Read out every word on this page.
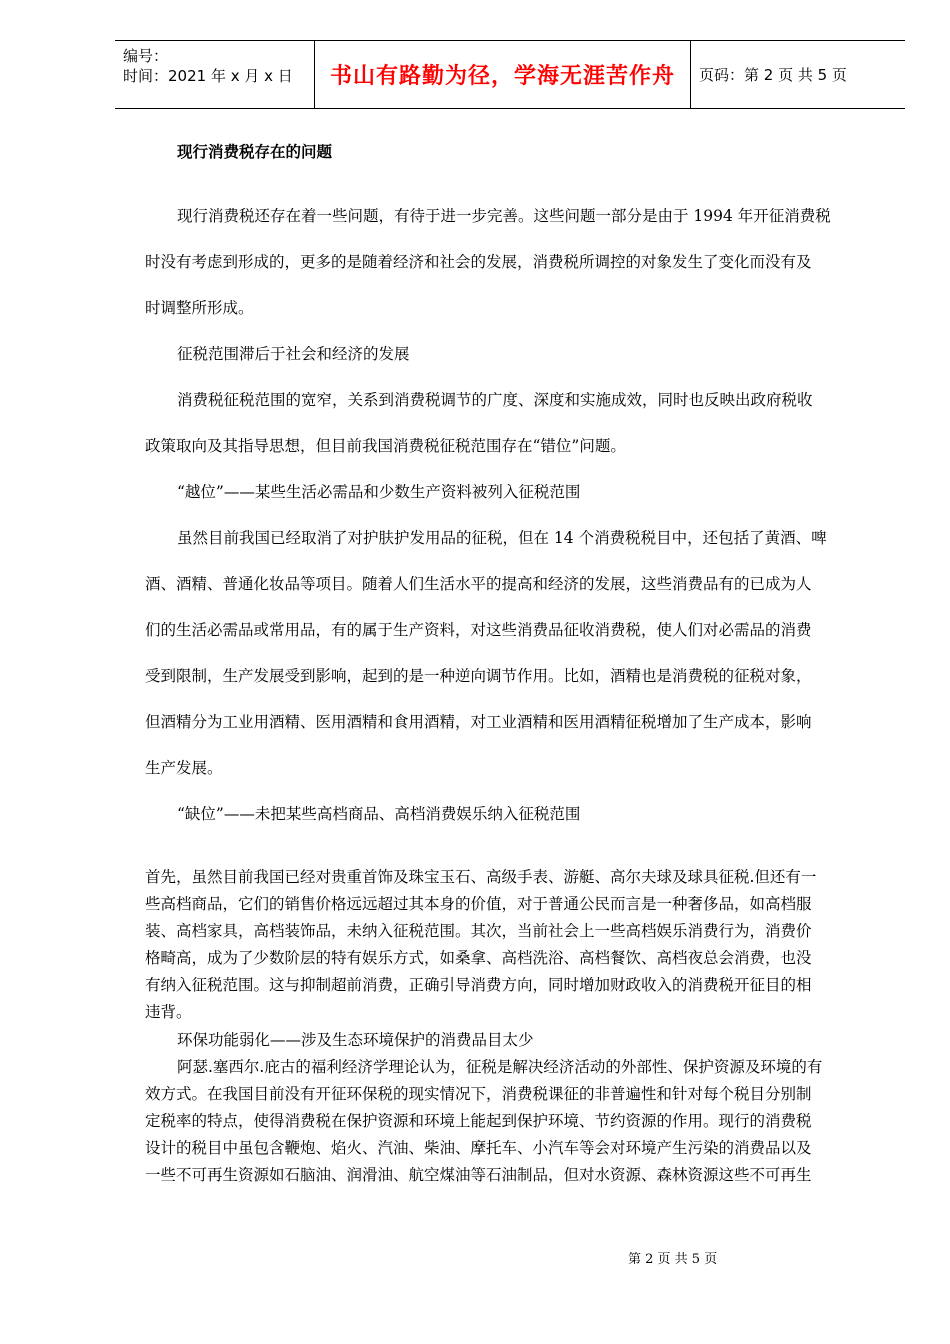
编号：
时间：2021 年 x 月 x 日 书山有路勤为径，学海无涯苦作舟 页码：第 2 页 共 5 页
现行消费税存在的问题
现行消费税还存在着一些问题，有待于进一步完善。这些问题一部分是由于 1994 年开征消费税
时没有考虑到形成的，更多的是随着经济和社会的发展，消费税所调控的对象发生了变化而没有及
时调整所形成。
征税范围滞后于社会和经济的发展
消费税征税范围的宽窄，关系到消费税调节的广度、深度和实施成效，同时也反映出政府税收
政策取向及其指导思想，但目前我国消费税征税范围存在“错位”问题。
“越位”——某些生活必需品和少数生产资料被列入征税范围
虽然目前我国已经取消了对护肤护发用品的征税，但在 14 个消费税税目中，还包括了黄酒、啤
酒、酒精、普通化妆品等项目。随着人们生活水平的提高和经济的发展，这些消费品有的已成为人
们的生活必需品或常用品，有的属于生产资料，对这些消费品征收消费税，使人们对必需品的消费
受到限制，生产发展受到影响，起到的是一种逆向调节作用。比如，酒精也是消费税的征税对象，
但酒精分为工业用酒精、医用酒精和食用酒精，对工业酒精和医用酒精征税增加了生产成本，影响
生产发展。
“缺位”——未把某些高档商品、高档消费娱乐纳入征税范围
首先，虽然目前我国已经对贵重首饰及珠宝玉石、高级手表、游艇、高尔夫球及球具征税.但还有一
些高档商品，它们的销售价格远远超过其本身的价值，对于普通公民而言是一种奢侈品，如高档服
装、高档家具，高档装饰品，未纳入征税范围。其次，当前社会上一些高档娱乐消费行为，消费价
格畸高，成为了少数阶层的特有娱乐方式，如桑拿、高档洗浴、高档餐饮、高档夜总会消费，也没
有纳入征税范围。这与抑制超前消费，正确引导消费方向，同时增加财政收入的消费税开征目的相
违背。
环保功能弱化——涉及生态环境保护的消费品目太少
阿瑟.塞西尔.庇古的福利经济学理论认为，征税是解决经济活动的外部性、保护资源及环境的有
效方式。在我国目前没有开征环保税的现实情况下，消费税课征的非普遍性和针对每个税目分别制
定税率的特点，使得消费税在保护资源和环境上能起到保护环境、节约资源的作用。现行的消费税
设计的税目中虽包含鞭炮、焰火、汽油、柴油、摩托车、小汽车等会对环境产生污染的消费品以及
一些不可再生资源如石脑油、润滑油、航空煤油等石油制品，但对水资源、森林资源这些不可再生
第 2 页 共 5 页
